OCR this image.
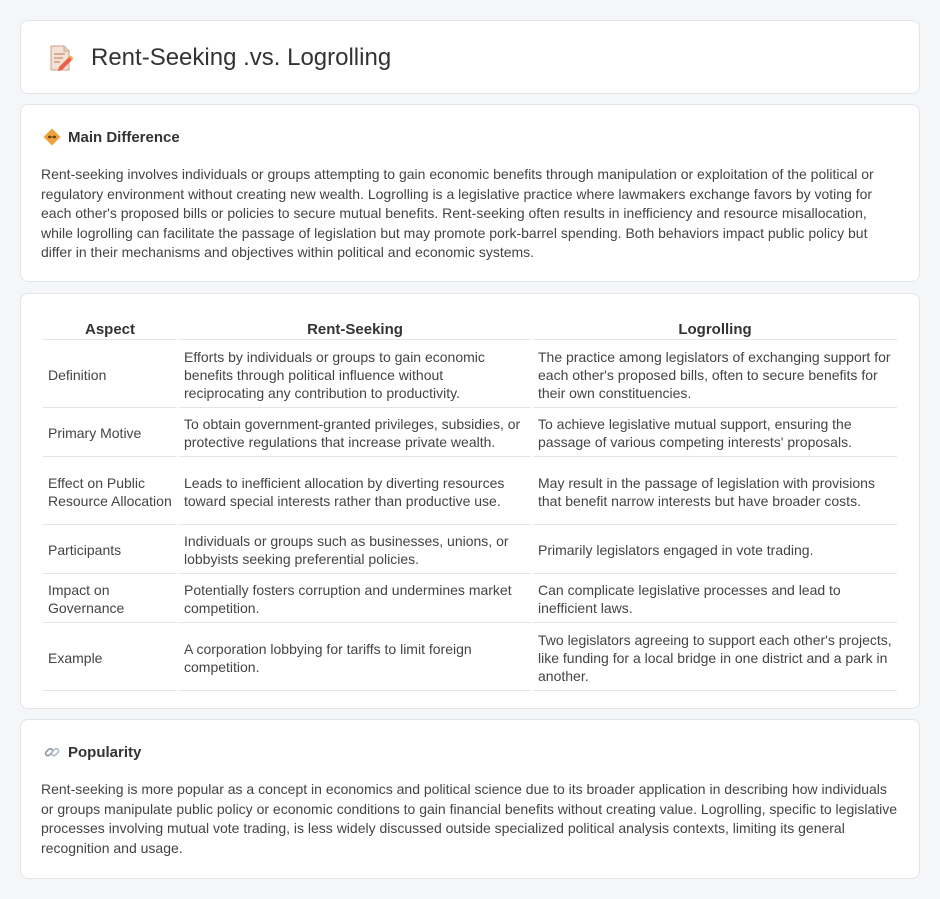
Rent-Seeking .vs. Logrolling
Main Difference

Rent-seeking involves individuals or groups attempting to gain economic benefits through manipulation or exploitation of the political or regulatory environment without creating new wealth. Logrolling is a legislative practice where lawmakers exchange favors by voting for each other's proposed bills or policies to secure mutual benefits. Rent-seeking often results in inefficiency and resource misallocation, while logrolling can facilitate the passage of legislation but may promote pork-barrel spending. Both behaviors impact public policy but differ in their mechanisms and objectives within political and economic systems.

Aspect	Rent-Seeking	Logrolling
Definition	Efforts by individuals or groups to gain economic benefits through political influence without reciprocating any contribution to productivity.	The practice among legislators of exchanging support for each other's proposed bills, often to secure benefits for their own constituencies.
Primary Motive	To obtain government-granted privileges, subsidies, or protective regulations that increase private wealth.	To achieve legislative mutual support, ensuring the passage of various competing interests' proposals.
Effect on Public Resource Allocation	Leads to inefficient allocation by diverting resources toward special interests rather than productive use.	May result in the passage of legislation with provisions that benefit narrow interests but have broader costs.
Participants	Individuals or groups such as businesses, unions, or lobbyists seeking preferential policies.	Primarily legislators engaged in vote trading.
Impact on Governance	Potentially fosters corruption and undermines market competition.	Can complicate legislative processes and lead to inefficient laws.
Example	A corporation lobbying for tariffs to limit foreign competition.	Two legislators agreeing to support each other's projects, like funding for a local bridge in one district and a park in another.
Popularity

Rent-seeking is more popular as a concept in economics and political science due to its broader application in describing how individuals or groups manipulate public policy or economic conditions to gain financial benefits without creating value. Logrolling, specific to legislative processes involving mutual vote trading, is less widely discussed outside specialized political analysis contexts, limiting its general recognition and usage.
